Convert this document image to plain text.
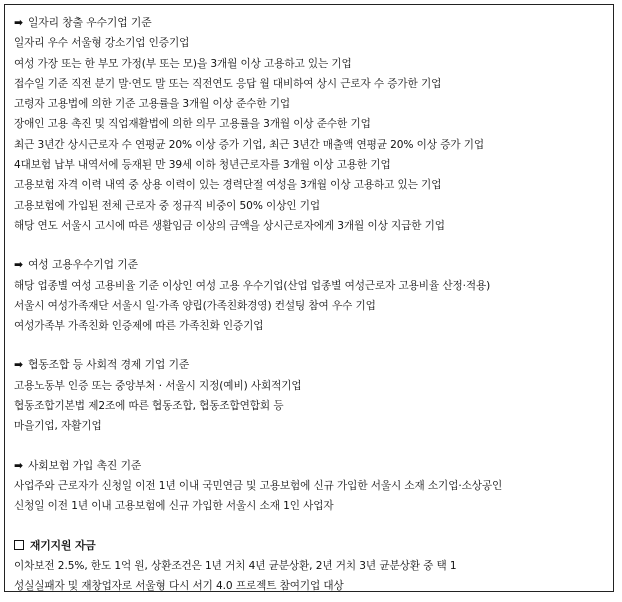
➡ 일자리 창출 우수기업 기준
일자리 우수 서울형 강소기업 인증기업
여성 가장 또는 한 부모 가정(부 또는 모)을 3개월 이상 고용하고 있는 기업
접수일 기준 직전 분기 말·연도 말 또는 직전연도 응답 월 대비하여 상시 근로자 수 증가한 기업
고령자 고용법에 의한 기준 고용률을 3개월 이상 준수한 기업
장애인 고용 촉진 및 직업재활법에 의한 의무 고용률을 3개월 이상 준수한 기업
최근 3년간 상시근로자 수 연평균 20% 이상 증가 기업, 최근 3년간 매출액 연평균 20% 이상 증가 기업
4대보험 납부 내역서에 등재된 만 39세 이하 청년근로자를 3개월 이상 고용한 기업
고용보험 자격 이력 내역 중 상용 이력이 있는 경력단절 여성을 3개월 이상 고용하고 있는 기업
고용보험에 가입된 전체 근로자 중 정규직 비중이 50% 이상인 기업
해당 연도 서울시 고시에 따른 생활임금 이상의 금액을 상시근로자에게 3개월 이상 지급한 기업
➡ 여성 고용우수기업 기준
해당 업종별 여성 고용비율 기준 이상인 여성 고용 우수기업(산업 업종별 여성근로자 고용비율 산정·적용)
서울시 여성가족재단 서울시 일·가족 양립(가족친화경영) 컨설팅 참여 우수 기업
여성가족부 가족친화 인증제에 따른 가족친화 인증기업
➡ 협동조합 등 사회적 경제 기업 기준
고용노동부 인증 또는 중앙부처 · 서울시 지정(예비) 사회적기업
협동조합기본법 제2조에 따른 협동조합, 협동조합연합회 등
마을기업, 자활기업
➡ 사회보험 가입 촉진 기준
사업주와 근로자가 신청일 이전 1년 이내 국민연금 및 고용보험에 신규 가입한 서울시 소재 소기업·소상공인
신청일 이전 1년 이내 고용보험에 신규 가입한 서울시 소재 1인 사업자
재기지원 자금
이차보전 2.5%, 한도 1억 원, 상환조건은 1년 거치 4년 균분상환, 2년 거치 3년 균분상환 중 택 1
성실실패자 및 재창업자로 서울형 다시 서기 4.0 프로젝트 참여기업 대상
